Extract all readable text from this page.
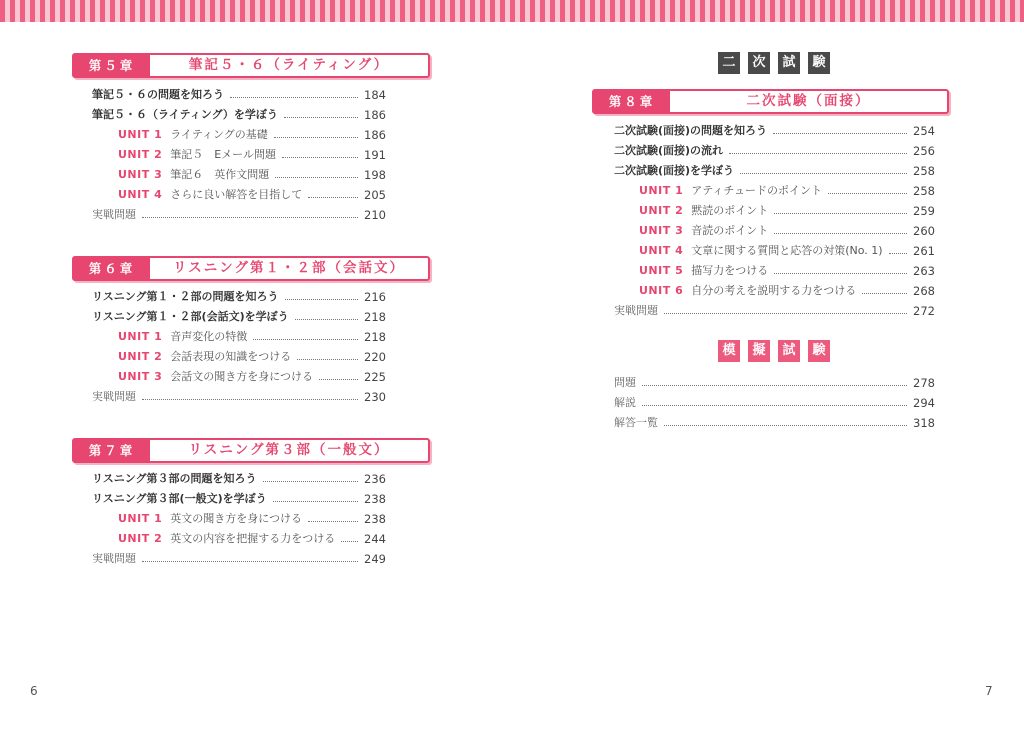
第５章	筆記５・６（ライティング）
筆記５・６の問題を知ろう	184
筆記５・６（ライティング）を学ぼう	186
UNIT 1 ライティングの基礎	186
UNIT 2 筆記５　Eメール問題	191
UNIT 3 筆記６　英作文問題	198
UNIT 4 さらに良い解答を目指して	205
実戦問題	210
第６章	リスニング第１・２部（会話文）
リスニング第１・２部の問題を知ろう	216
リスニング第１・２部(会話文)を学ぼう	218
UNIT 1 音声変化の特徴	218
UNIT 2 会話表現の知識をつける	220
UNIT 3 会話文の聞き方を身につける	225
実戦問題	230
第７章	リスニング第３部（一般文）
リスニング第３部の問題を知ろう	236
リスニング第３部(一般文)を学ぼう	238
UNIT 1 英文の聞き方を身につける	238
UNIT 2 英文の内容を把握する力をつける	244
実戦問題	249
6
二	次	試	験
第８章	二次試験（面接）
二次試験(面接)の問題を知ろう	254
二次試験(面接)の流れ	256
二次試験(面接)を学ぼう	258
UNIT 1 アティチュードのポイント	258
UNIT 2 黙読のポイント	259
UNIT 3 音読のポイント	260
UNIT 4 文章に関する質問と応答の対策(No. 1)	261
UNIT 5 描写力をつける	263
UNIT 6 自分の考えを説明する力をつける	268
実戦問題	272
模	擬	試	験
問題	278
解説	294
解答一覧	318
7
